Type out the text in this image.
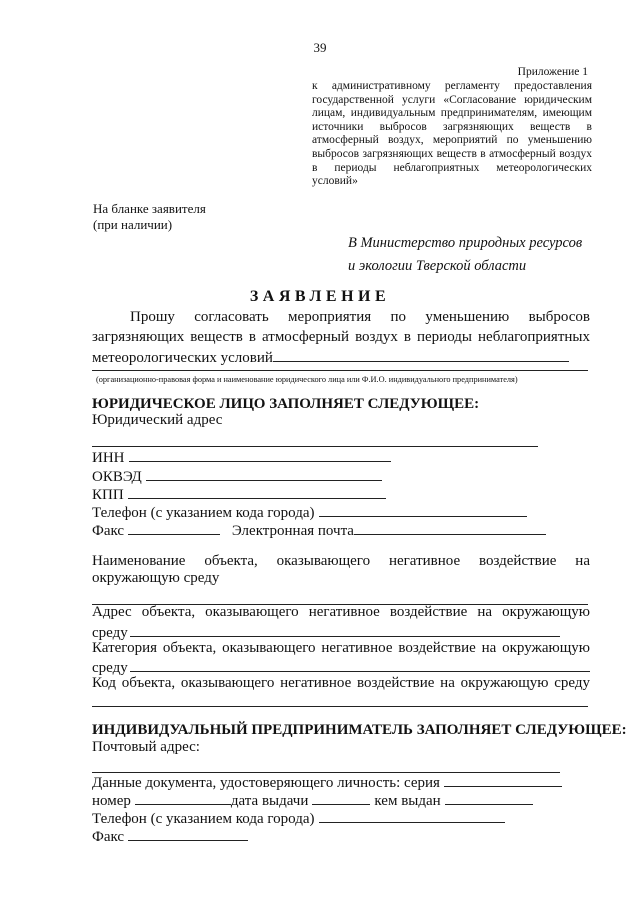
39
Приложение 1
к административному регламенту предоставления государственной услуги «Согласование юридическим лицам, индивидуальным предпринимателям, имеющим источники выбросов загрязняющих веществ в атмосферный воздух, мероприятий по уменьшению выбросов загрязняющих веществ в атмосферный воздух в периоды неблагоприятных метеорологических условий»
На бланке заявителя
(при наличии)
В Министерство природных ресурсов
и экологии Тверской области
ЗАЯВЛЕНИЕ
Прошу согласовать мероприятия по уменьшению выбросов
загрязняющих веществ в атмосферный воздух в периоды неблагоприятных
метеорологических условий
(организационно-правовая форма и наименование юридического лица или Ф.И.О. индивидуального предпринимателя)
ЮРИДИЧЕСКОЕ ЛИЦО ЗАПОЛНЯЕТ СЛЕДУЮЩЕЕ:
Юридический адрес
ИНН
ОКВЭД
КПП
Телефон (с указанием кода города)
Факс	Электронная почта
Наименование объекта, оказывающего негативное воздействие на
окружающую среду
Адрес объекта, оказывающего негативное воздействие на окружающую
среду
Категория объекта, оказывающего негативное воздействие на окружающую
среду
Код объекта, оказывающего негативное воздействие на окружающую среду
ИНДИВИДУАЛЬНЫЙ ПРЕДПРИНИМАТЕЛЬ ЗАПОЛНЯЕТ СЛЕДУЮЩЕЕ:
Почтовый адрес:
Данные документа, удостоверяющего личность: серия
номер	дата выдачи	кем выдан
Телефон (с указанием кода города)
Факс
